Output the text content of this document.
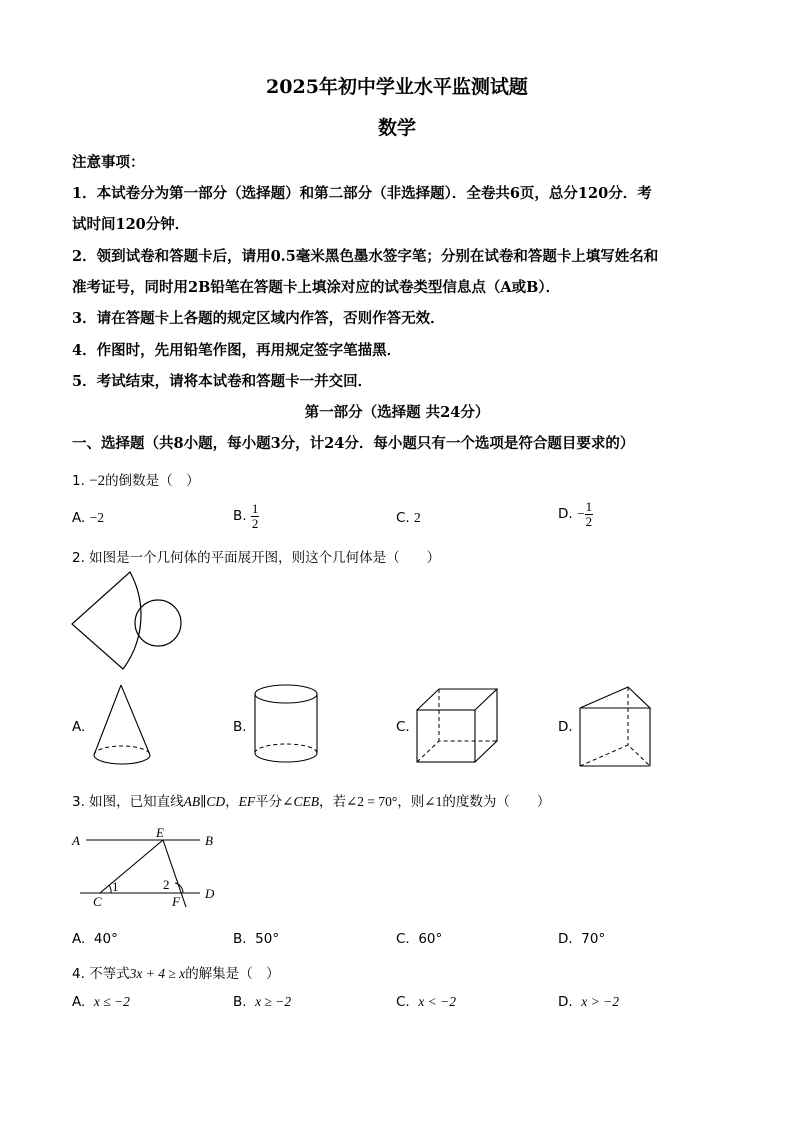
2025年初中学业水平监测试题
数学
注意事项：
1．本试卷分为第一部分（选择题）和第二部分（非选择题）．全卷共6页，总分120分．考
试时间120分钟．
2．领到试卷和答题卡后，请用0.5毫米黑色墨水签字笔；分别在试卷和答题卡上填写姓名和
准考证号，同时用2B铅笔在答题卡上填涂对应的试卷类型信息点（A或B）．
3．请在答题卡上各题的规定区域内作答，否则作答无效．
4．作图时，先用铅笔作图，再用规定签字笔描黑．
5．考试结束，请将本试卷和答题卡一并交回．
第一部分（选择题 共24分）
一、选择题（共8小题，每小题3分，计24分．每小题只有一个选项是符合题目要求的）
1. −2的倒数是（　）
A. −2	B. $\frac{1}{2}$	C. 2	D. − $\frac{1}{2}$
2. 如图是一个几何体的平面展开图，则这个几何体是（　　）
A.	B.	C.	D.
3. 如图，已知直线AB∥CD，EF平分∠CEB，若∠2 = 70°，则∠1的度数为（　　）
A
E
B
C	F
D
1	2
A. 40°	B. 50°	C. 60°	D. 70°
4. 不等式3x + 4 ≥ x的解集是（　）
A. x ≤ −2	B. x ≥ −2	C. x < −2	D. x > −2
